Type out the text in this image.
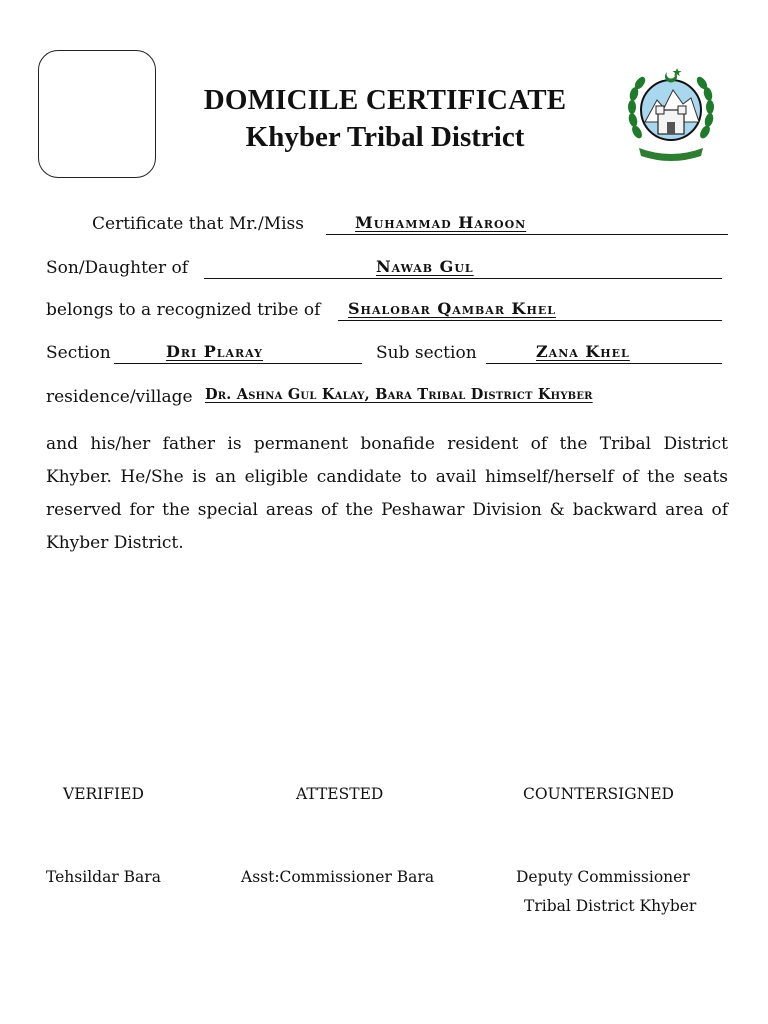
DOMICILE CERTIFICATE
Khyber Tribal District
Certificate that Mr./Miss	Muhammad Haroon
Son/Daughter of	Nawab Gul
belongs to a recognized tribe of Shalobar Qambar Khel
Section	Dri Plaray	Sub section	Zana Khel
residence/village Dr. Ashna Gul Kalay, Bara Tribal District Khyber
and his/her father is permanent bonafide resident of the Tribal District Khyber. He/She is an eligible candidate to avail himself/herself of the seats reserved for the special areas of the Peshawar Division & backward area of Khyber District.
VERIFIED	ATTESTED	COUNTERSIGNED
Tehsildar Bara	Asst:Commissioner Bara	Deputy Commissioner
Tribal District Khyber
